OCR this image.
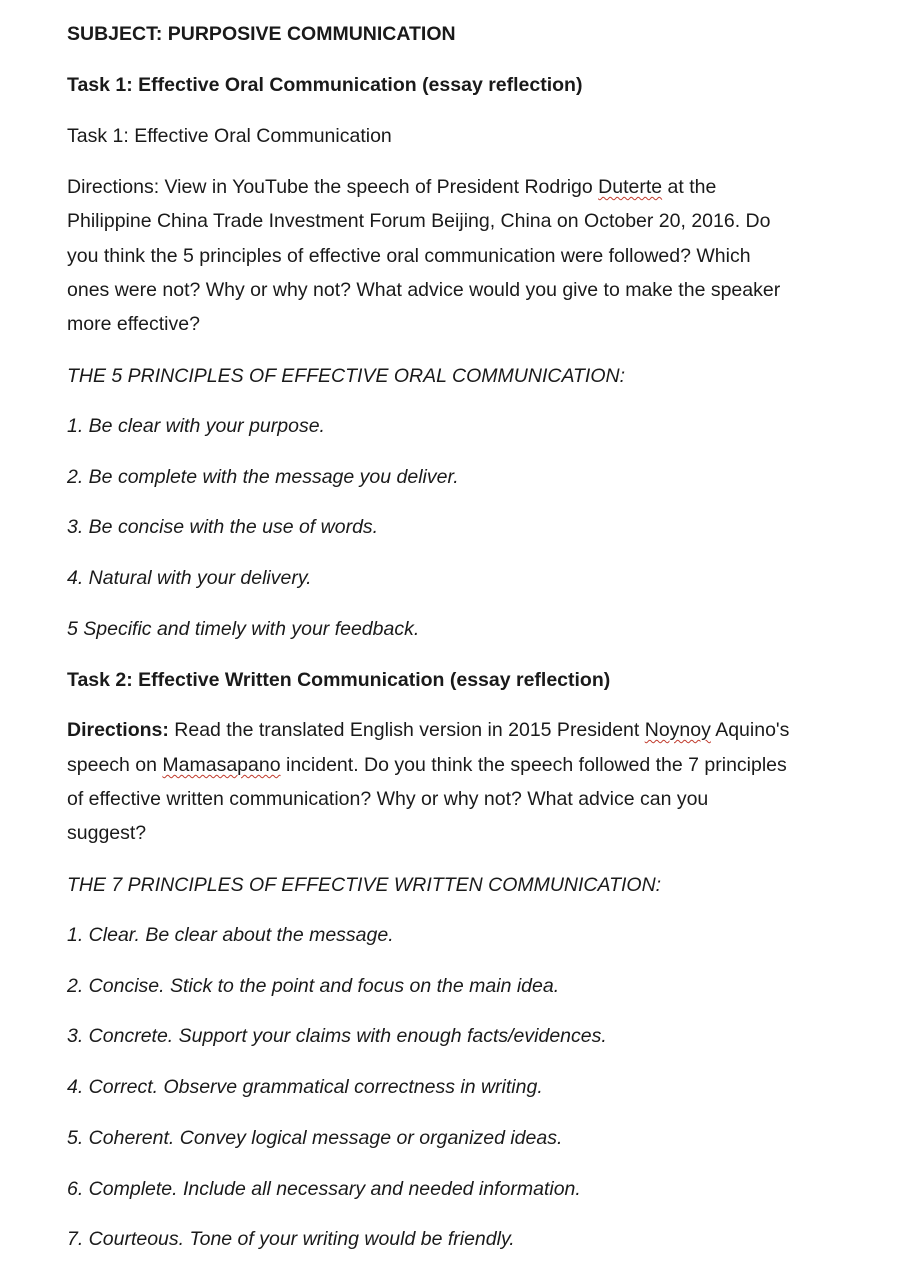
SUBJECT: PURPOSIVE COMMUNICATION
Task 1: Effective Oral Communication (essay reflection)
Task 1: Effective Oral Communication
Directions: View in YouTube the speech of President Rodrigo Duterte at the
Philippine China Trade Investment Forum Beijing, China on October 20, 2016. Do
you think the 5 principles of effective oral communication were followed? Which
ones were not? Why or why not? What advice would you give to make the speaker
more effective?
THE 5 PRINCIPLES OF EFFECTIVE ORAL COMMUNICATION:
1. Be clear with your purpose.
2. Be complete with the message you deliver.
3. Be concise with the use of words.
4. Natural with your delivery.
5 Specific and timely with your feedback.
Task 2: Effective Written Communication (essay reflection)
Directions: Read the translated English version in 2015 President Noynoy Aquino's
speech on Mamasapano incident. Do you think the speech followed the 7 principles
of effective written communication? Why or why not? What advice can you
suggest?
THE 7 PRINCIPLES OF EFFECTIVE WRITTEN COMMUNICATION:
1. Clear. Be clear about the message.
2. Concise. Stick to the point and focus on the main idea.
3. Concrete. Support your claims with enough facts/evidences.
4. Correct. Observe grammatical correctness in writing.
5. Coherent. Convey logical message or organized ideas.
6. Complete. Include all necessary and needed information.
7. Courteous. Tone of your writing would be friendly.
